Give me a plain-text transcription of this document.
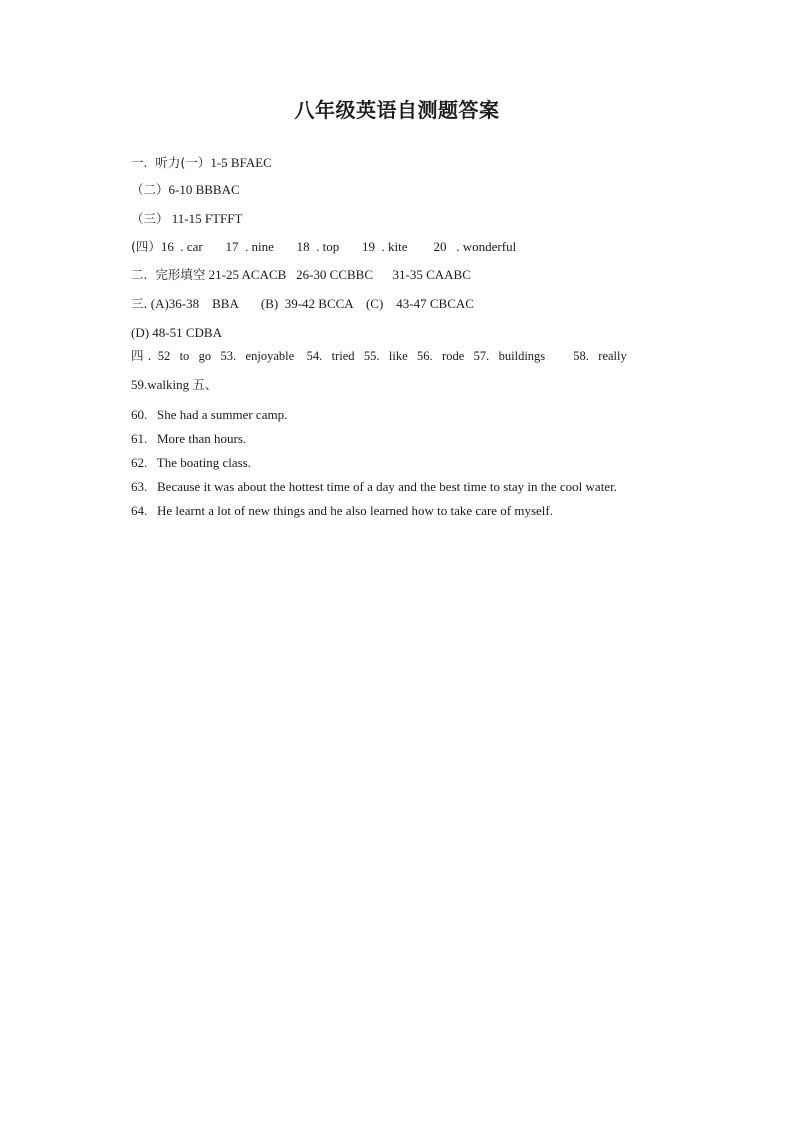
八年级英语自测题答案

一.  听力(一）1-5 BFAEC

（二）6-10 BBBAC

（三） 11-15 FTFFT

(四）16  . car       17  . nine       18  . top       19  . kite        20   . wonderful

二.  完形填空 21-25 ACACB   26-30 CCBBC      31-35 CAABC

三. (A)36-38    BBA       (B)  39-42 BCCA    (C)    43-47 CBCAC

(D) 48-51 CDBA

四 .  52   to   go   53.   enjoyable    54.   tried   55.   like   56.   rode   57.   buildings         58.   really

59.walking 五、

60.   She had a summer camp.

61.   More than hours.

62.   The boating class.

63.   Because it was about the hottest time of a day and the best time to stay in the cool water.

64.   He learnt a lot of new things and he also learned how to take care of myself.
